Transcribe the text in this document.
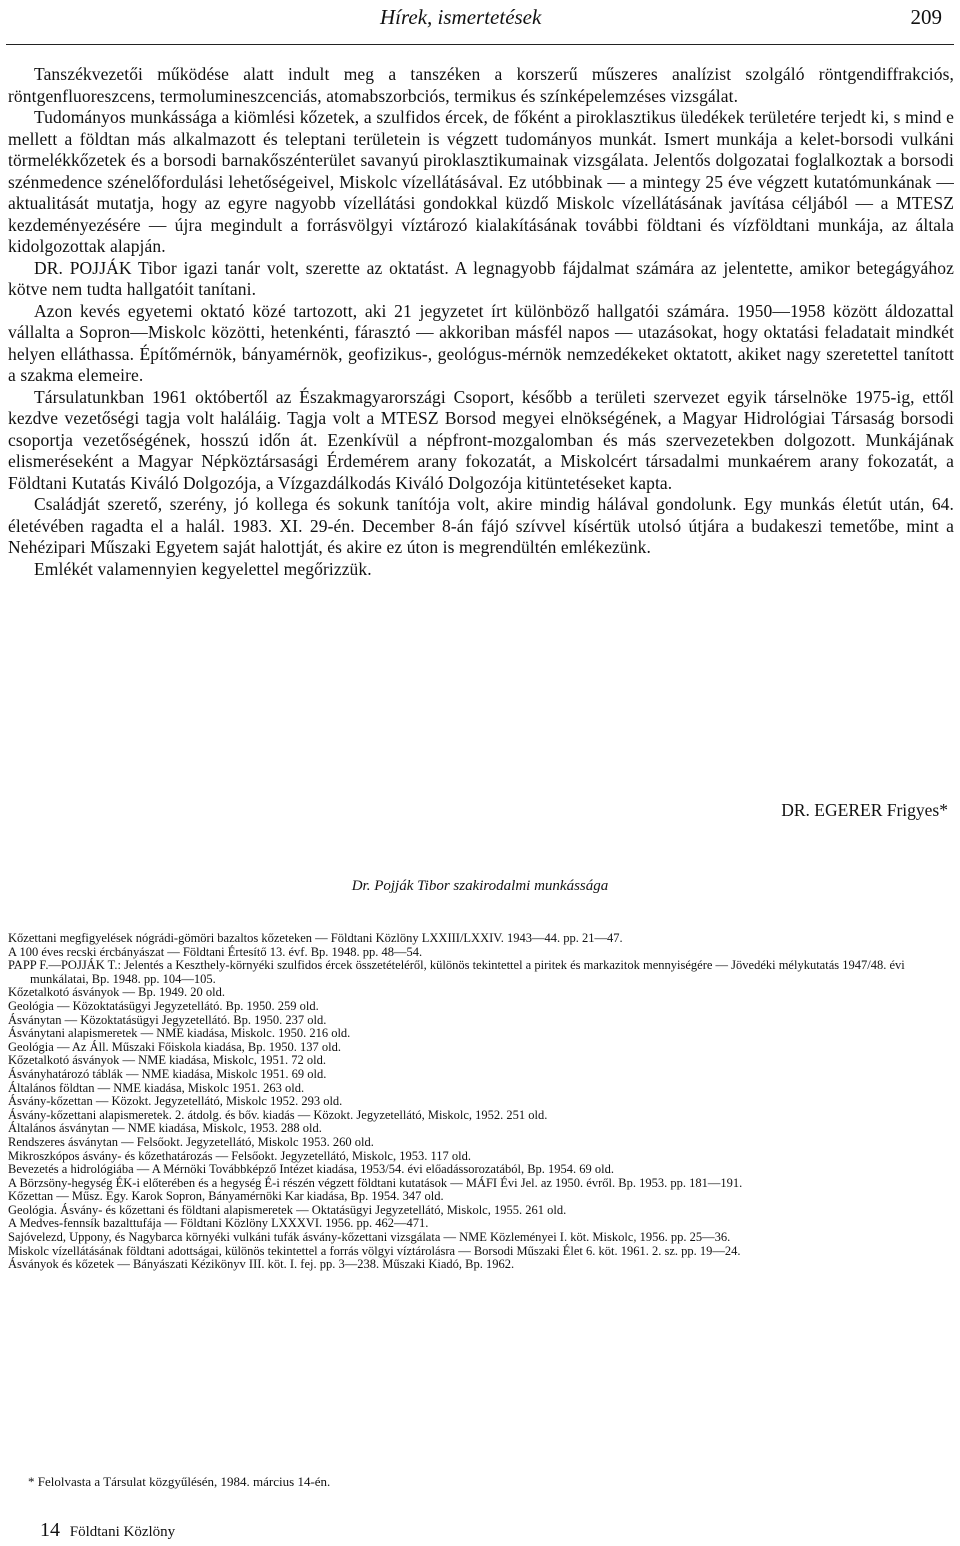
Hírek, ismertetések	209

Tanszékvezetői működése alatt indult meg a tanszéken a korszerű műszeres analízist szolgáló röntgendiffrakciós, röntgenfluoreszcens, termolumineszcenciás, atomabszorbciós, termikus és színképelemzéses vizsgálat.

Tudományos munkássága a kiömlési kőzetek, a szulfidos ércek, de főként a piroklasztikus üledékek területére terjedt ki, s mind e mellett a földtan más alkalmazott és teleptani területein is végzett tudományos munkát. Ismert munkája a kelet-borsodi vulkáni törmelékkőzetek és a borsodi barnakőszénterület savanyú piroklasztikumainak vizsgálata. Jelentős dolgozatai foglalkoztak a borsodi szénmedence szénelőfordulási lehetőségeivel, Miskolc vízellátásával. Ez utóbbinak — a mintegy 25 éve végzett kutatómunkának — aktualitását mutatja, hogy az egyre nagyobb vízellátási gondokkal küzdő Miskolc vízellátásának javítása céljából — a MTESZ kezdeményezésére — újra megindult a forrásvölgyi víztározó kialakításának további földtani és vízföldtani munkája, az általa kidolgozottak alapján.

DR. POJJÁK Tibor igazi tanár volt, szerette az oktatást. A legnagyobb fájdalmat számára az jelentette, amikor betegágyához kötve nem tudta hallgatóit tanítani.

Azon kevés egyetemi oktató közé tartozott, aki 21 jegyzetet írt különböző hallgatói számára. 1950—1958 között áldozattal vállalta a Sopron—Miskolc közötti, hetenkénti, fárasztó — akkoriban másfél napos — utazásokat, hogy oktatási feladatait mindkét helyen elláthassa. Építőmérnök, bányamérnök, geofizikus-, geológus-mérnök nemzedékeket oktatott, akiket nagy szeretettel tanított a szakma elemeire.

Társulatunkban 1961 októbertől az Északmagyarországi Csoport, később a területi szervezet egyik társelnöke 1975-ig, ettől kezdve vezetőségi tagja volt haláláig. Tagja volt a MTESZ Borsod megyei elnökségének, a Magyar Hidrológiai Társaság borsodi csoportja vezetőségének, hosszú időn át. Ezenkívül a népfront-mozgalomban és más szervezetekben dolgozott. Munkájának elismeréseként a Magyar Népköztársasági Érdemérem arany fokozatát, a Miskolcért társadalmi munkaérem arany fokozatát, a Földtani Kutatás Kiváló Dolgozója, a Vízgazdálkodás Kiváló Dolgozója kitüntetéseket kapta.

Családját szerető, szerény, jó kollega és sokunk tanítója volt, akire mindig hálával gondolunk. Egy munkás életút után, 64. életévében ragadta el a halál. 1983. XI. 29-én. December 8-án fájó szívvel kísértük utolsó útjára a budakeszi temetőbe, mint a Nehézipari Műszaki Egyetem saját halottját, és akire ez úton is megrendültén emlékezünk.

Emlékét valamennyien kegyelettel megőrizzük.

DR. EGERER Frigyes*
Dr. Pojják Tibor szakirodalmi munkássága
Kőzettani megfigyelések nógrádi-gömöri bazaltos kőzeteken — Földtani Közlöny LXXIII/LXXIV. 1943—44. pp. 21—47.
A 100 éves recski ércbányászat — Földtani Értesítő 13. évf. Bp. 1948. pp. 48—54.
PAPP F.—POJJÁK T.: Jelentés a Keszthely-környéki szulfidos ércek összetételéről, különös tekintettel a piritek és markazitok mennyiségére — Jövedéki mélykutatás 1947/48. évi munkálatai, Bp. 1948. pp. 104—105.
Kőzetalkotó ásványok — Bp. 1949. 20 old.
Geológia — Közoktatásügyi Jegyzetellátó. Bp. 1950. 259 old.
Ásványtan — Közoktatásügyi Jegyzetellátó. Bp. 1950. 237 old.
Ásványtani alapismeretek — NME kiadása, Miskolc. 1950. 216 old.
Geológia — Az Áll. Műszaki Főiskola kiadása, Bp. 1950. 137 old.
Kőzetalkotó ásványok — NME kiadása, Miskolc, 1951. 72 old.
Ásványhatározó táblák — NME kiadása, Miskolc 1951. 69 old.
Általános földtan — NME kiadása, Miskolc 1951. 263 old.
Ásvány-kőzettan — Közokt. Jegyzetellátó, Miskolc 1952. 293 old.
Ásvány-kőzettani alapismeretek. 2. átdolg. és bőv. kiadás — Közokt. Jegyzetellátó, Miskolc, 1952. 251 old.
Általános ásványtan — NME kiadása, Miskolc, 1953. 288 old.
Rendszeres ásványtan — Felsőokt. Jegyzetellátó, Miskolc 1953. 260 old.
Mikroszkópos ásvány- és kőzethatározás — Felsőokt. Jegyzetellátó, Miskolc, 1953. 117 old.
Bevezetés a hidrológiába — A Mérnöki Továbbképző Intézet kiadása, 1953/54. évi előadássorozatából, Bp. 1954. 69 old.
A Börzsöny-hegység ÉK-i előterében és a hegység É-i részén végzett földtani kutatások — MÁFI Évi Jel. az 1950. évről. Bp. 1953. pp. 181—191.
Kőzettan — Műsz. Egy. Karok Sopron, Bányamérnöki Kar kiadása, Bp. 1954. 347 old.
Geológia. Ásvány- és kőzettani és földtani alapismeretek — Oktatásügyi Jegyzetellátó, Miskolc, 1955. 261 old.
A Medves-fennsík bazalttufája — Földtani Közlöny LXXXVI. 1956. pp. 462—471.
Sajóvelezd, Uppony, és Nagybarca környéki vulkáni tufák ásvány-kőzettani vizsgálata — NME Közleményei I. köt. Miskolc, 1956. pp. 25—36.
Miskolc vízellátásának földtani adottságai, különös tekintettel a forrás völgyi víztárolásra — Borsodi Műszaki Élet 6. köt. 1961. 2. sz. pp. 19—24.
Ásványok és kőzetek — Bányászati Kézikönyv III. köt. I. fej. pp. 3—238. Műszaki Kiadó, Bp. 1962.
* Felolvasta a Társulat közgyűlésén, 1984. március 14-én.
14 Földtani Közlöny
